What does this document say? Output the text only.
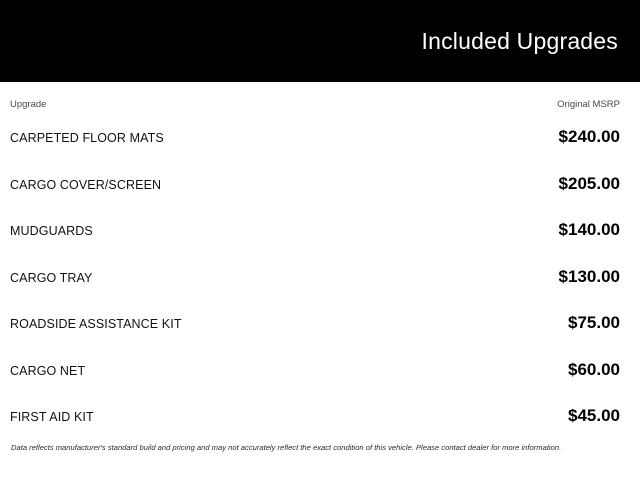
Included Upgrades
Upgrade	Original MSRP
CARPETED FLOOR MATS	$240.00
CARGO COVER/SCREEN	$205.00
MUDGUARDS	$140.00
CARGO TRAY	$130.00
ROADSIDE ASSISTANCE KIT	$75.00
CARGO NET	$60.00
FIRST AID KIT	$45.00
Data reflects manufacturer's standard build and pricing and may not accurately reflect the exact condition of this vehicle. Please contact dealer for more information.
